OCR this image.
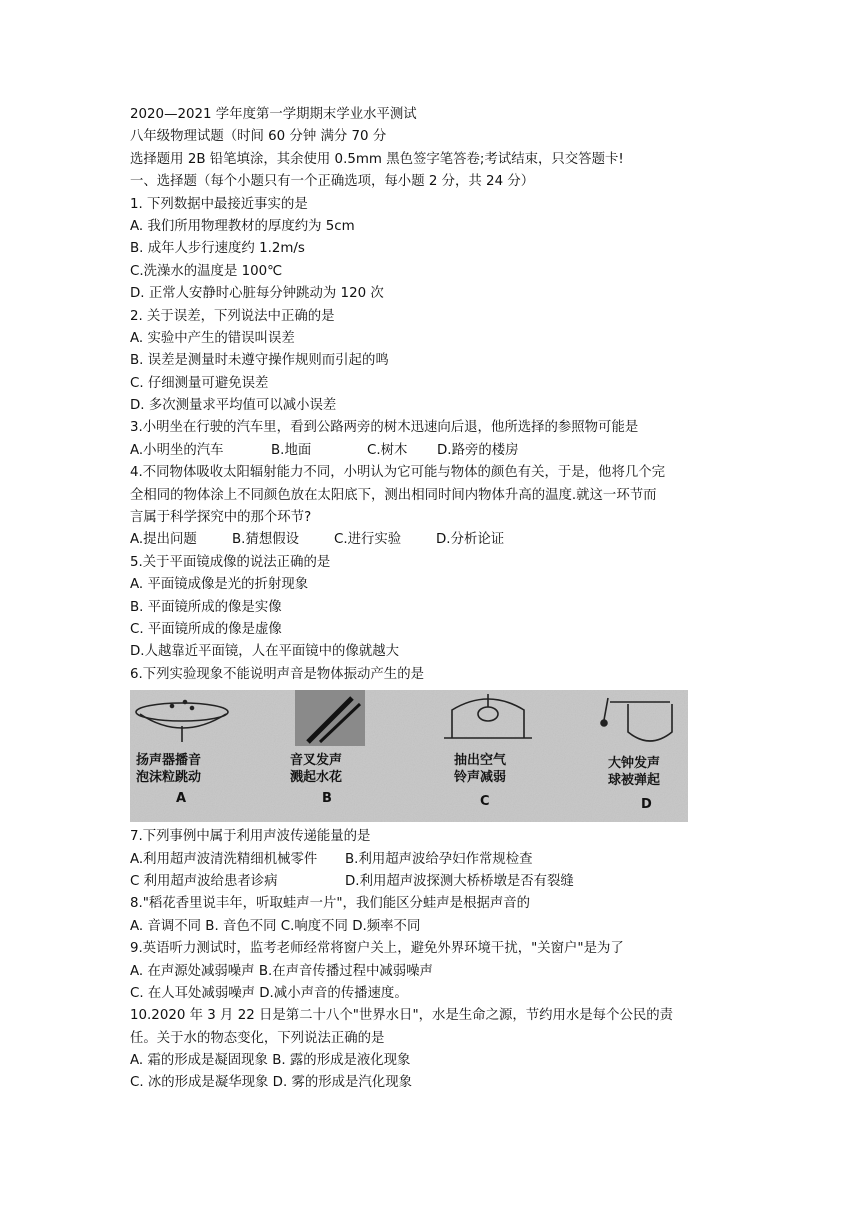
2020—2021 学年度第一学期期末学业水平测试
八年级物理试题（时间 60 分钟 满分 70 分
选择题用 2B 铅笔填涂，其余使用 0.5mm 黑色签字笔答卷;考试结束，只交答题卡!
一、选择题（每个小题只有一个正确选项，每小题 2 分，共 24 分）
1. 下列数据中最接近事实的是
A. 我们所用物理教材的厚度约为 5cm
B. 成年人步行速度约 1.2m/s
C.洗澡水的温度是 100℃
D. 正常人安静时心脏每分钟跳动为 120 次
2. 关于误差，下列说法中正确的是
A. 实验中产生的错误叫误差
B. 误差是测量时未遵守操作规则而引起的鸣
C. 仔细测量可避免误差
D. 多次测量求平均值可以减小误差
3.小明坐在行驶的汽车里，看到公路两旁的树木迅速向后退，他所选择的参照物可能是
A.小明坐的汽车	B.地面	C.树木	D.路旁的楼房
4.不同物体吸收太阳辐射能力不同，小明认为它可能与物体的颜色有关，于是，他将几个完
全相同的物体涂上不同颜色放在太阳底下，测出相同时间内物体升高的温度.就这一环节而
言属于科学探究中的那个环节?
A.提出问题	B.猜想假设	C.进行实验	D.分析论证
5.关于平面镜成像的说法正确的是
A. 平面镜成像是光的折射现象
B. 平面镜所成的像是实像
C. 平面镜所成的像是虚像
D.人越靠近平面镜，人在平面镜中的像就越大
6.下列实验现象不能说明声音是物体振动产生的是
扬声器播音
泡沫粒跳动
A
音叉发声
溅起水花
B
抽出空气
铃声减弱
C
大钟发声
球被弹起
D
7.下列事例中属于利用声波传递能量的是
A.利用超声波清洗精细机械零件	B.利用超声波给孕妇作常规检查
C 利用超声波给患者诊病	D.利用超声波探测大桥桥墩是否有裂缝
8."稻花香里说丰年，听取蛙声一片"，我们能区分蛙声是根据声音的
A. 音调不同 B. 音色不同 C.响度不同 D.频率不同
9.英语听力测试时，监考老师经常将窗户关上，避免外界环境干扰，"关窗户"是为了
A. 在声源处减弱噪声 B.在声音传播过程中减弱噪声
C. 在人耳处减弱噪声 D.减小声音的传播速度。
10.2020 年 3 月 22 日是第二十八个"世界水日"，水是生命之源，节约用水是每个公民的责
任。关于水的物态变化，下列说法正确的是
A. 霜的形成是凝固现象 B. 露的形成是液化现象
C. 冰的形成是凝华现象 D. 雾的形成是汽化现象
